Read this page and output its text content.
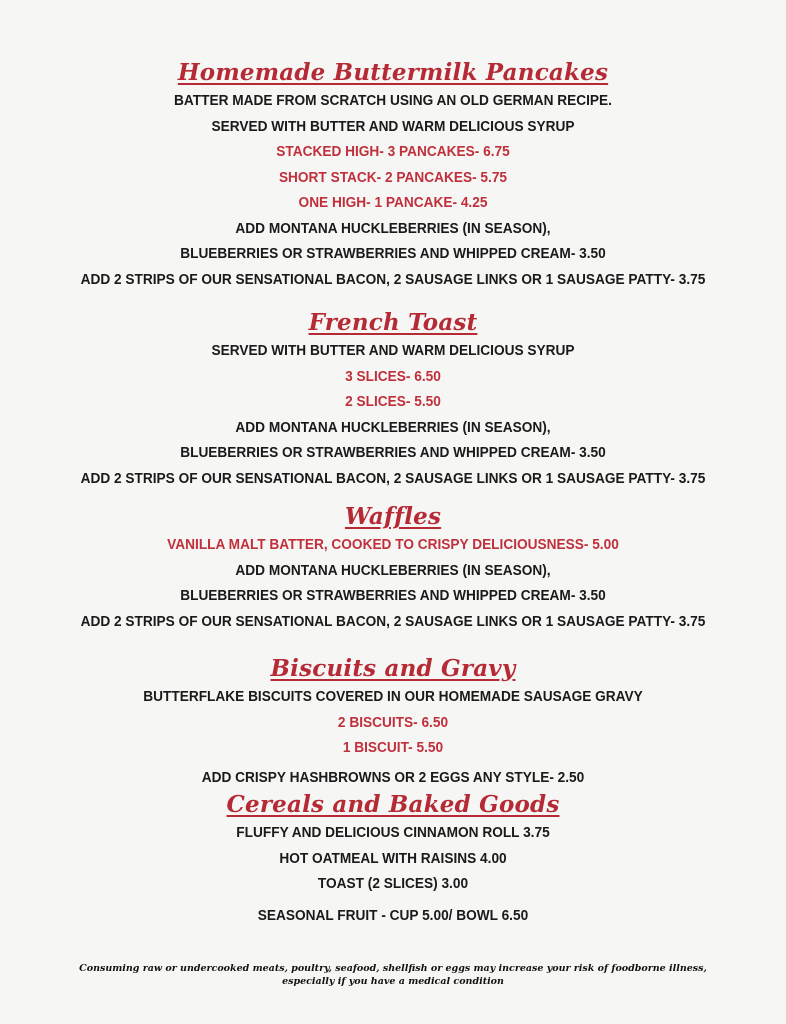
Homemade Buttermilk Pancakes
BATTER MADE FROM SCRATCH USING AN OLD GERMAN RECIPE.
SERVED WITH BUTTER AND WARM DELICIOUS SYRUP
STACKED HIGH- 3 PANCAKES- 6.75
SHORT STACK- 2 PANCAKES- 5.75
ONE HIGH- 1 PANCAKE- 4.25
ADD MONTANA HUCKLEBERRIES (IN SEASON),
BLUEBERRIES OR STRAWBERRIES AND WHIPPED CREAM- 3.50
ADD 2 STRIPS OF OUR SENSATIONAL BACON, 2 SAUSAGE LINKS OR 1 SAUSAGE PATTY- 3.75
French Toast
SERVED WITH BUTTER AND WARM DELICIOUS SYRUP
3 SLICES- 6.50
2 SLICES- 5.50
ADD MONTANA HUCKLEBERRIES (IN SEASON),
BLUEBERRIES OR STRAWBERRIES AND WHIPPED CREAM- 3.50
ADD 2 STRIPS OF OUR SENSATIONAL BACON, 2 SAUSAGE LINKS OR 1 SAUSAGE PATTY- 3.75
Waffles
VANILLA MALT BATTER, COOKED TO CRISPY DELICIOUSNESS- 5.00
ADD MONTANA HUCKLEBERRIES (IN SEASON),
BLUEBERRIES OR STRAWBERRIES AND WHIPPED CREAM- 3.50
ADD 2 STRIPS OF OUR SENSATIONAL BACON, 2 SAUSAGE LINKS OR 1 SAUSAGE PATTY- 3.75
Biscuits and Gravy
BUTTERFLAKE BISCUITS COVERED IN OUR HOMEMADE SAUSAGE GRAVY
2 BISCUITS- 6.50
1 BISCUIT- 5.50
ADD CRISPY HASHBROWNS OR 2 EGGS ANY STYLE- 2.50
Cereals and Baked Goods
FLUFFY AND DELICIOUS CINNAMON ROLL 3.75
HOT OATMEAL WITH RAISINS 4.00
TOAST (2 SLICES) 3.00
SEASONAL FRUIT - CUP 5.00/ BOWL 6.50
Consuming raw or undercooked meats, poultry, seafood, shellfish or eggs may increase your risk of foodborne illness,
especially if you have a medical condition
